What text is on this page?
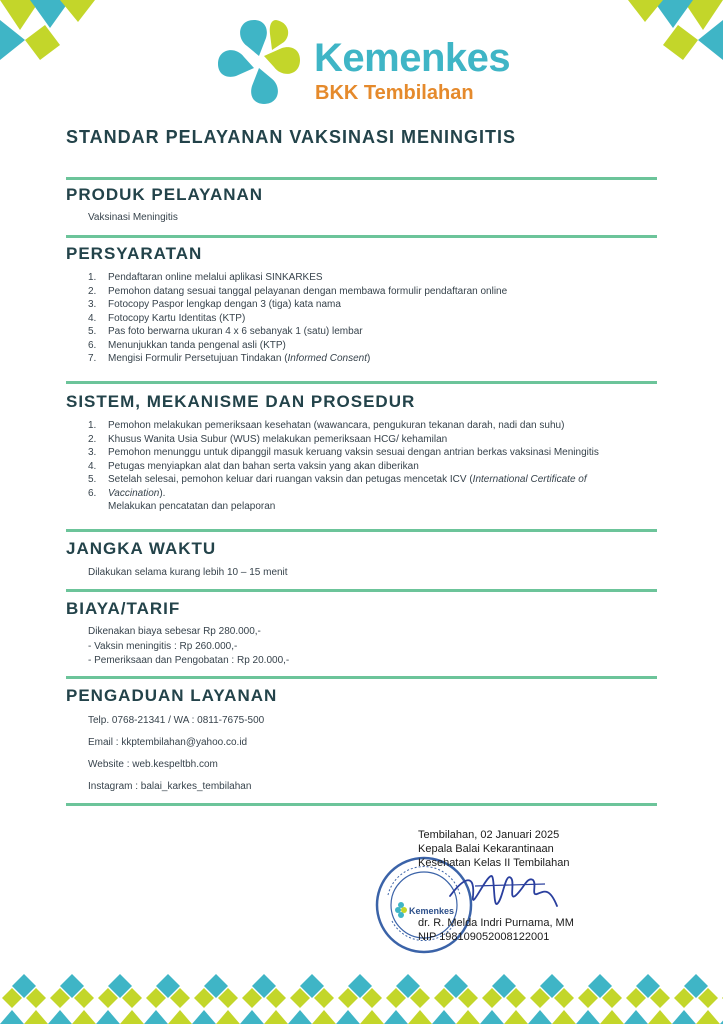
Kemenkes
BKK Tembilahan
STANDAR PELAYANAN VAKSINASI MENINGITIS
PRODUK PELAYANAN
Vaksinasi Meningitis
PERSYARATAN
1. Pendaftaran online melalui aplikasi SINKARKES
2. Pemohon datang sesuai tanggal pelayanan dengan membawa formulir pendaftaran online
3. Fotocopy Paspor lengkap dengan 3 (tiga) kata nama
4. Fotocopy Kartu Identitas (KTP)
5. Pas foto berwarna ukuran 4 x 6 sebanyak 1 (satu) lembar
6. Menunjukkan tanda pengenal asli (KTP)
7. Mengisi Formulir Persetujuan Tindakan (Informed Consent)
SISTEM, MEKANISME DAN PROSEDUR
1. Pemohon melakukan pemeriksaan kesehatan (wawancara, pengukuran tekanan darah, nadi dan suhu)
2. Khusus Wanita Usia Subur (WUS) melakukan pemeriksaan HCG/ kehamilan
3. Pemohon menunggu untuk dipanggil masuk keruang vaksin sesuai dengan antrian berkas vaksinasi Meningitis
4. Petugas menyiapkan alat dan bahan serta vaksin yang akan diberikan
5. Setelah selesai, pemohon keluar dari ruangan vaksin dan petugas mencetak ICV (International Certificate of
6. Vaccination).
Melakukan pencatatan dan pelaporan
JANGKA WAKTU
Dilakukan selama kurang lebih 10 – 15 menit
BIAYA/TARIF
Dikenakan biaya sebesar Rp 280.000,-
- Vaksin meningitis : Rp 260.000,-
- Pemeriksaan dan Pengobatan : Rp 20.000,-
PENGADUAN LAYANAN
Telp. 0768-21341 / WA : 0811-7675-500
Email : kkptembilahan@yahoo.co.id
Website : web.kespeltbh.com
Instagram : balai_karkes_tembilahan
Kemenkes
Tembilahan, 02 Januari 2025
Kepala Balai Kekarantinaan
Kesehatan Kelas II Tembilahan
dr. R. Melda Indri Purnama, MM
NIP 198109052008122001
